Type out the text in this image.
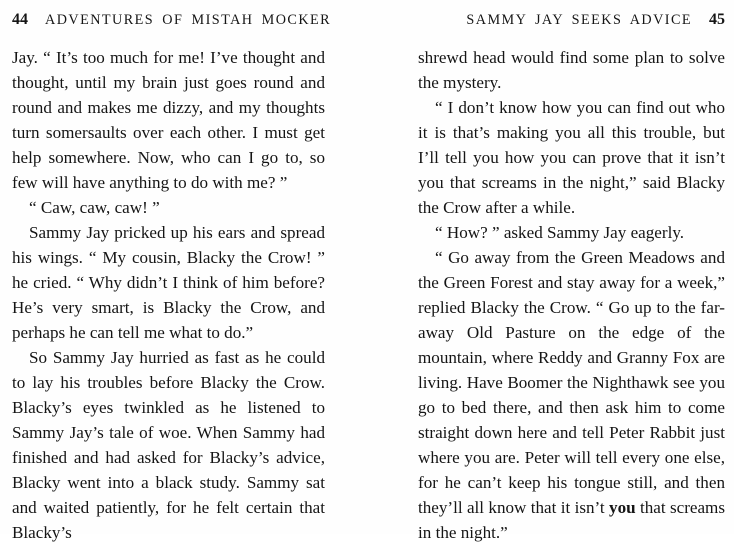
44 ADVENTURES OF MISTAH MOCKER

Jay. “ It’s too much for me! I’ve thought and thought, until my brain just goes round and round and makes me dizzy, and my thoughts turn somersaults over each other. I must get help somewhere. Now, who can I go to, so few will have anything to do with me? ”

“ Caw, caw, caw! ”

Sammy Jay pricked up his ears and spread his wings. “ My cousin, Blacky the Crow! ” he cried. “ Why didn’t I think of him before? He’s very smart, is Blacky the Crow, and perhaps he can tell me what to do.”

So Sammy Jay hurried as fast as he could to lay his troubles before Blacky the Crow. Blacky’s eyes twinkled as he listened to Sammy Jay’s tale of woe. When Sammy had finished and had asked for Blacky’s advice, Blacky went into a black study. Sammy sat and waited patiently, for he felt certain that Blacky’s

SAMMY JAY SEEKS ADVICE 45

shrewd head would find some plan to solve the mystery.

“ I don’t know how you can find out who it is that’s making you all this trouble, but I’ll tell you how you can prove that it isn’t you that screams in the night,” said Blacky the Crow after a while.

“ How? ” asked Sammy Jay eagerly.

“ Go away from the Green Meadows and the Green Forest and stay away for a week,” replied Blacky the Crow. “ Go up to the far-away Old Pasture on the edge of the mountain, where Reddy and Granny Fox are living. Have Boomer the Nighthawk see you go to bed there, and then ask him to come straight down here and tell Peter Rabbit just where you are. Peter will tell every one else, for he can’t keep his tongue still, and then they’ll all know that it isn’t you that screams in the night.”
